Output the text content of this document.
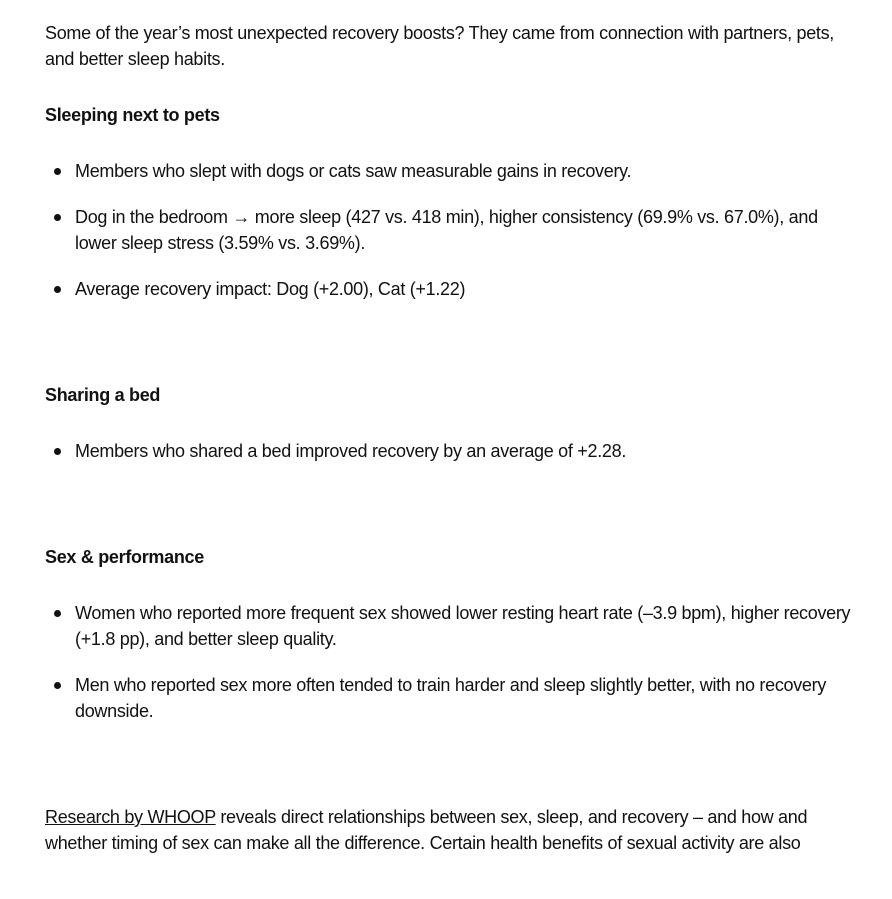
Some of the year’s most unexpected recovery boosts? They came from connection with partners, pets, and better sleep habits.

Sleeping next to pets
Members who slept with dogs or cats saw measurable gains in recovery.
Dog in the bedroom → more sleep (427 vs. 418 min), higher consistency (69.9% vs. 67.0%), and lower sleep stress (3.59% vs. 3.69%).
Average recovery impact: Dog (+2.00), Cat (+1.22)
Sharing a bed
Members who shared a bed improved recovery by an average of +2.28.
Sex & performance
Women who reported more frequent sex showed lower resting heart rate (–3.9 bpm), higher recovery (+1.8 pp), and better sleep quality.
Men who reported sex more often tended to train harder and sleep slightly better, with no recovery downside.

Research by WHOOP reveals direct relationships between sex, sleep, and recovery – and how and whether timing of sex can make all the difference. Certain health benefits of sexual activity are also
